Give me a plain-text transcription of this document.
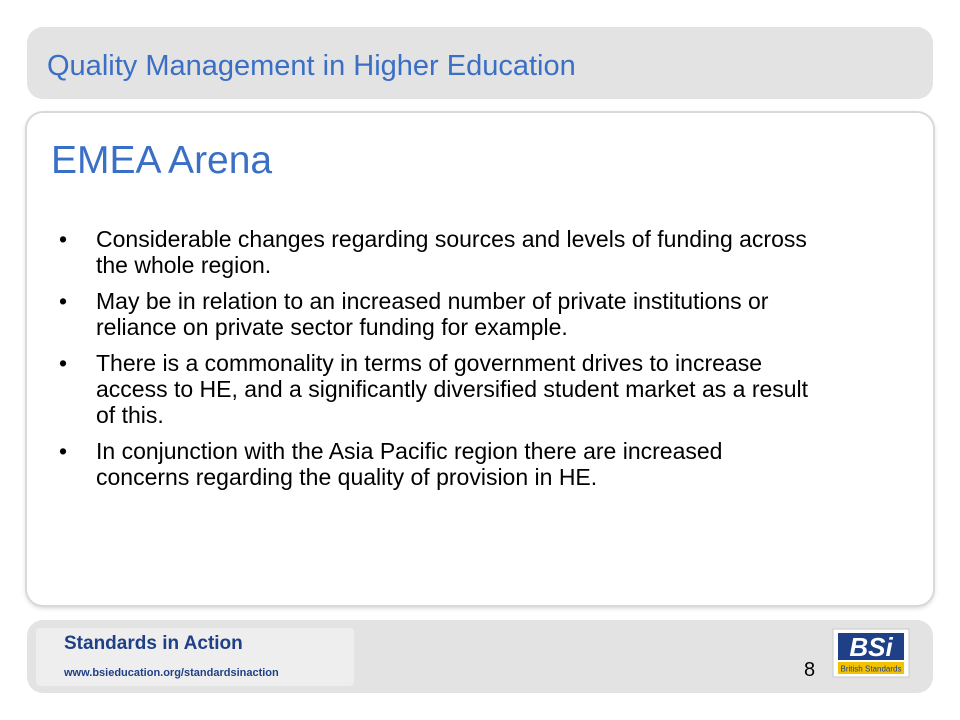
Quality Management in Higher Education
EMEA Arena
• Considerable changes regarding sources and levels of funding across the whole region.
• May be in relation to an increased number of private institutions or reliance on private sector funding for example.
• There is a commonality in terms of government drives to increase access to HE, and a significantly diversified student market as a result of this.
• In conjunction with the Asia Pacific region there are increased concerns regarding the quality of provision in HE.
Standards in Action
www.bsieducation.org/standardsinaction	8
BSi
British Standards
